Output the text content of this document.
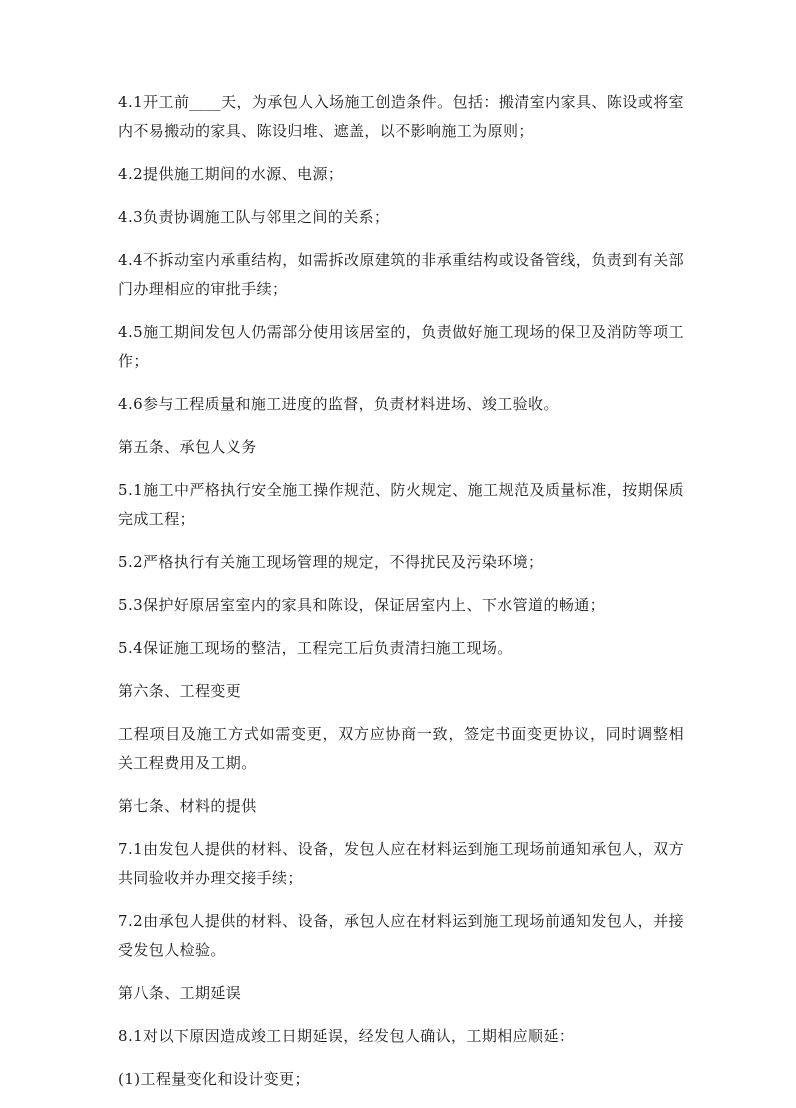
4.1开工前____天，为承包人入场施工创造条件。包括：搬清室内家具、陈设或将室内不易搬动的家具、陈设归堆、遮盖，以不影响施工为原则；

4.2提供施工期间的水源、电源；

4.3负责协调施工队与邻里之间的关系；

4.4不拆动室内承重结构，如需拆改原建筑的非承重结构或设备管线，负责到有关部门办理相应的审批手续；

4.5施工期间发包人仍需部分使用该居室的，负责做好施工现场的保卫及消防等项工作；

4.6参与工程质量和施工进度的监督，负责材料进场、竣工验收。

第五条、承包人义务

5.1施工中严格执行安全施工操作规范、防火规定、施工规范及质量标准，按期保质完成工程；

5.2严格执行有关施工现场管理的规定，不得扰民及污染环境；

5.3保护好原居室室内的家具和陈设，保证居室内上、下水管道的畅通；

5.4保证施工现场的整洁，工程完工后负责清扫施工现场。

第六条、工程变更

工程项目及施工方式如需变更，双方应协商一致，签定书面变更协议，同时调整相关工程费用及工期。

第七条、材料的提供

7.1由发包人提供的材料、设备，发包人应在材料运到施工现场前通知承包人，双方共同验收并办理交接手续；

7.2由承包人提供的材料、设备，承包人应在材料运到施工现场前通知发包人，并接受发包人检验。

第八条、工期延误

8.1对以下原因造成竣工日期延误，经发包人确认，工期相应顺延：

(1)工程量变化和设计变更；
